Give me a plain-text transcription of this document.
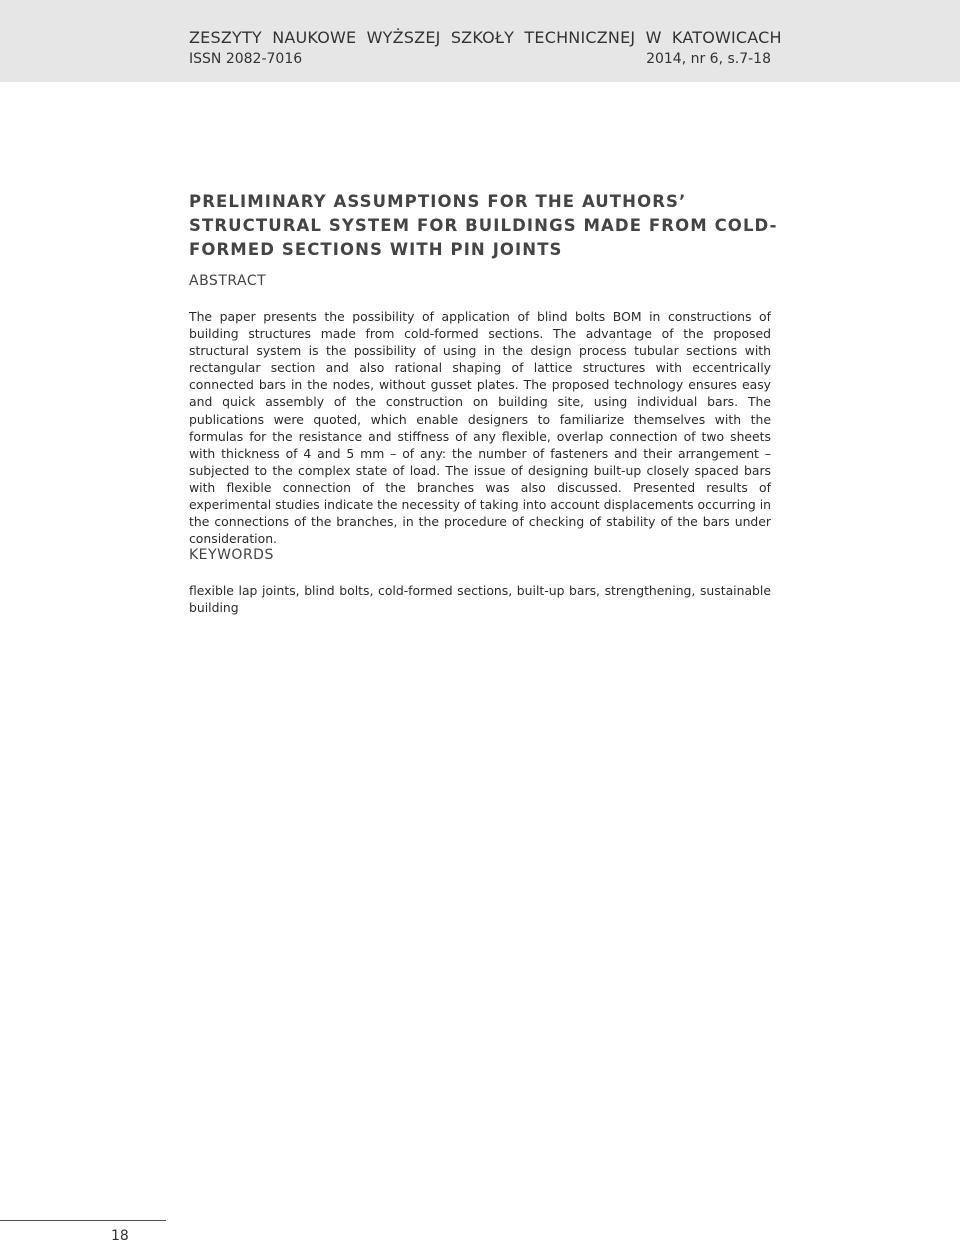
ZESZYTY NAUKOWE WYŻSZEJ SZKOŁY TECHNICZNEJ W KATOWICACH
ISSN 2082-7016	2014, nr 6, s.7-18
PRELIMINARY ASSUMPTIONS FOR THE AUTHORS’ STRUCTURAL SYSTEM FOR BUILDINGS MADE FROM COLD-FORMED SECTIONS WITH PIN JOINTS
ABSTRACT

The paper presents the possibility of application of blind bolts BOM in constructions of building structures made from cold-formed sections. The advantage of the proposed structural system is the possibility of using in the design process tubular sections with rectangular section and also rational shaping of lattice structures with eccentrically connected bars in the nodes, without gusset plates. The proposed technology ensures easy and quick assembly of the construction on building site, using individual bars. The publications were quoted, which enable designers to familiarize themselves with the formulas for the resistance and stiffness of any flexible, overlap connection of two sheets with thickness of 4 and 5 mm – of any: the number of fasteners and their arrangement – subjected to the complex state of load. The issue of designing built-up closely spaced bars with flexible connection of the branches was also discussed. Presented results of experimental studies indicate the necessity of taking into account displacements occurring in the connections of the branches, in the procedure of checking of stability of the bars under consideration.

KEYWORDS

flexible lap joints, blind bolts, cold-formed sections, built-up bars, strengthening, sustainable building

18
